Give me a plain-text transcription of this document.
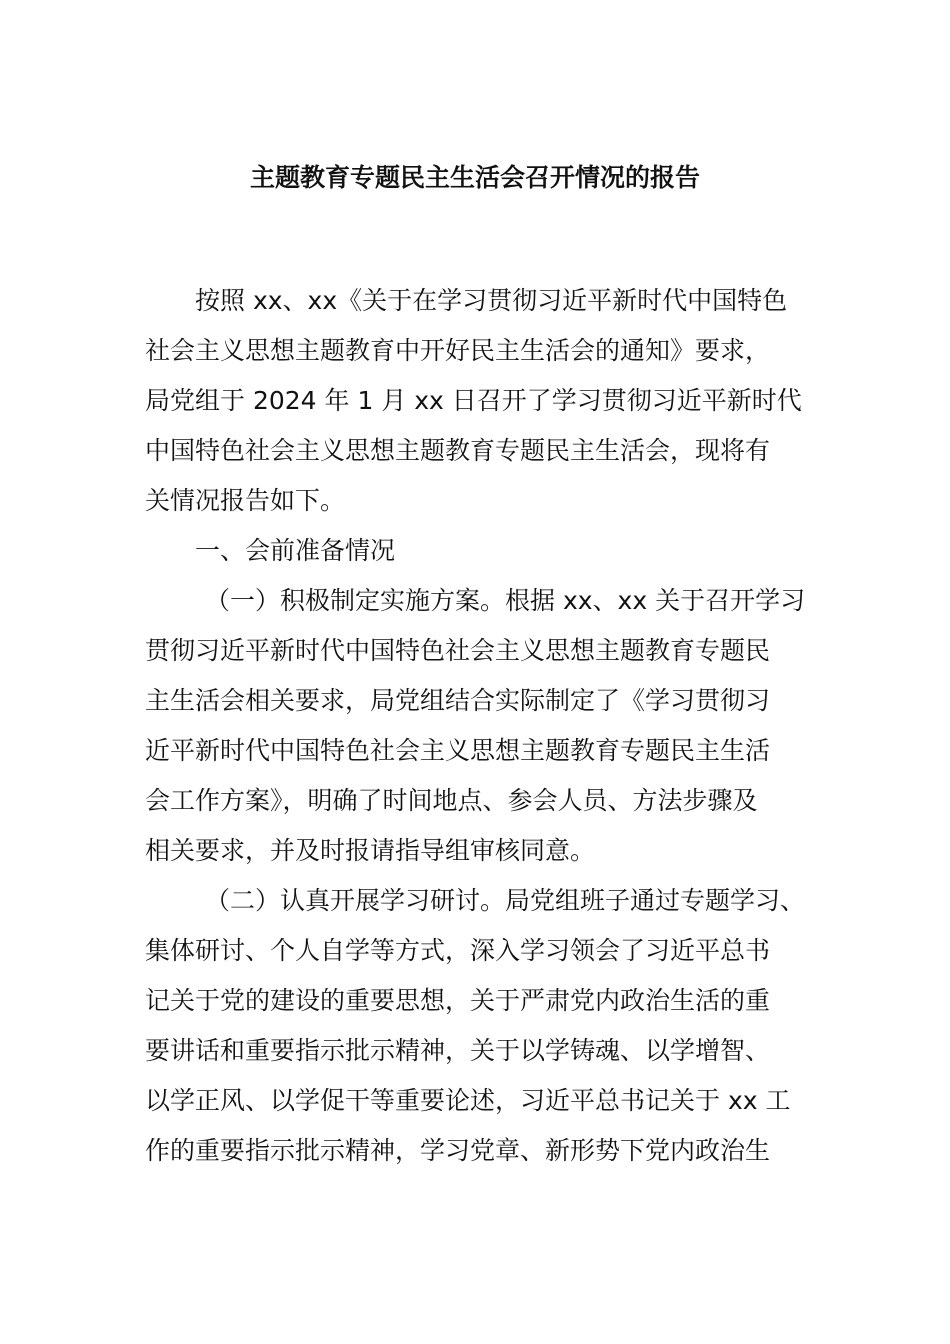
主题教育专题民主生活会召开情况的报告
按照 xx、xx《关于在学习贯彻习近平新时代中国特色
社会主义思想主题教育中开好民主生活会的通知》要求，
局党组于 2024 年 1 月 xx 日召开了学习贯彻习近平新时代
中国特色社会主义思想主题教育专题民主生活会，现将有
关情况报告如下。
一、会前准备情况
（一）积极制定实施方案。根据 xx、xx 关于召开学习
贯彻习近平新时代中国特色社会主义思想主题教育专题民
主生活会相关要求，局党组结合实际制定了《学习贯彻习
近平新时代中国特色社会主义思想主题教育专题民主生活
会工作方案》，明确了时间地点、参会人员、方法步骤及
相关要求，并及时报请指导组审核同意。
（二）认真开展学习研讨。局党组班子通过专题学习、
集体研讨、个人自学等方式，深入学习领会了习近平总书
记关于党的建设的重要思想，关于严肃党内政治生活的重
要讲话和重要指示批示精神，关于以学铸魂、以学增智、
以学正风、以学促干等重要论述，习近平总书记关于 xx 工
作的重要指示批示精神，学习党章、新形势下党内政治生
